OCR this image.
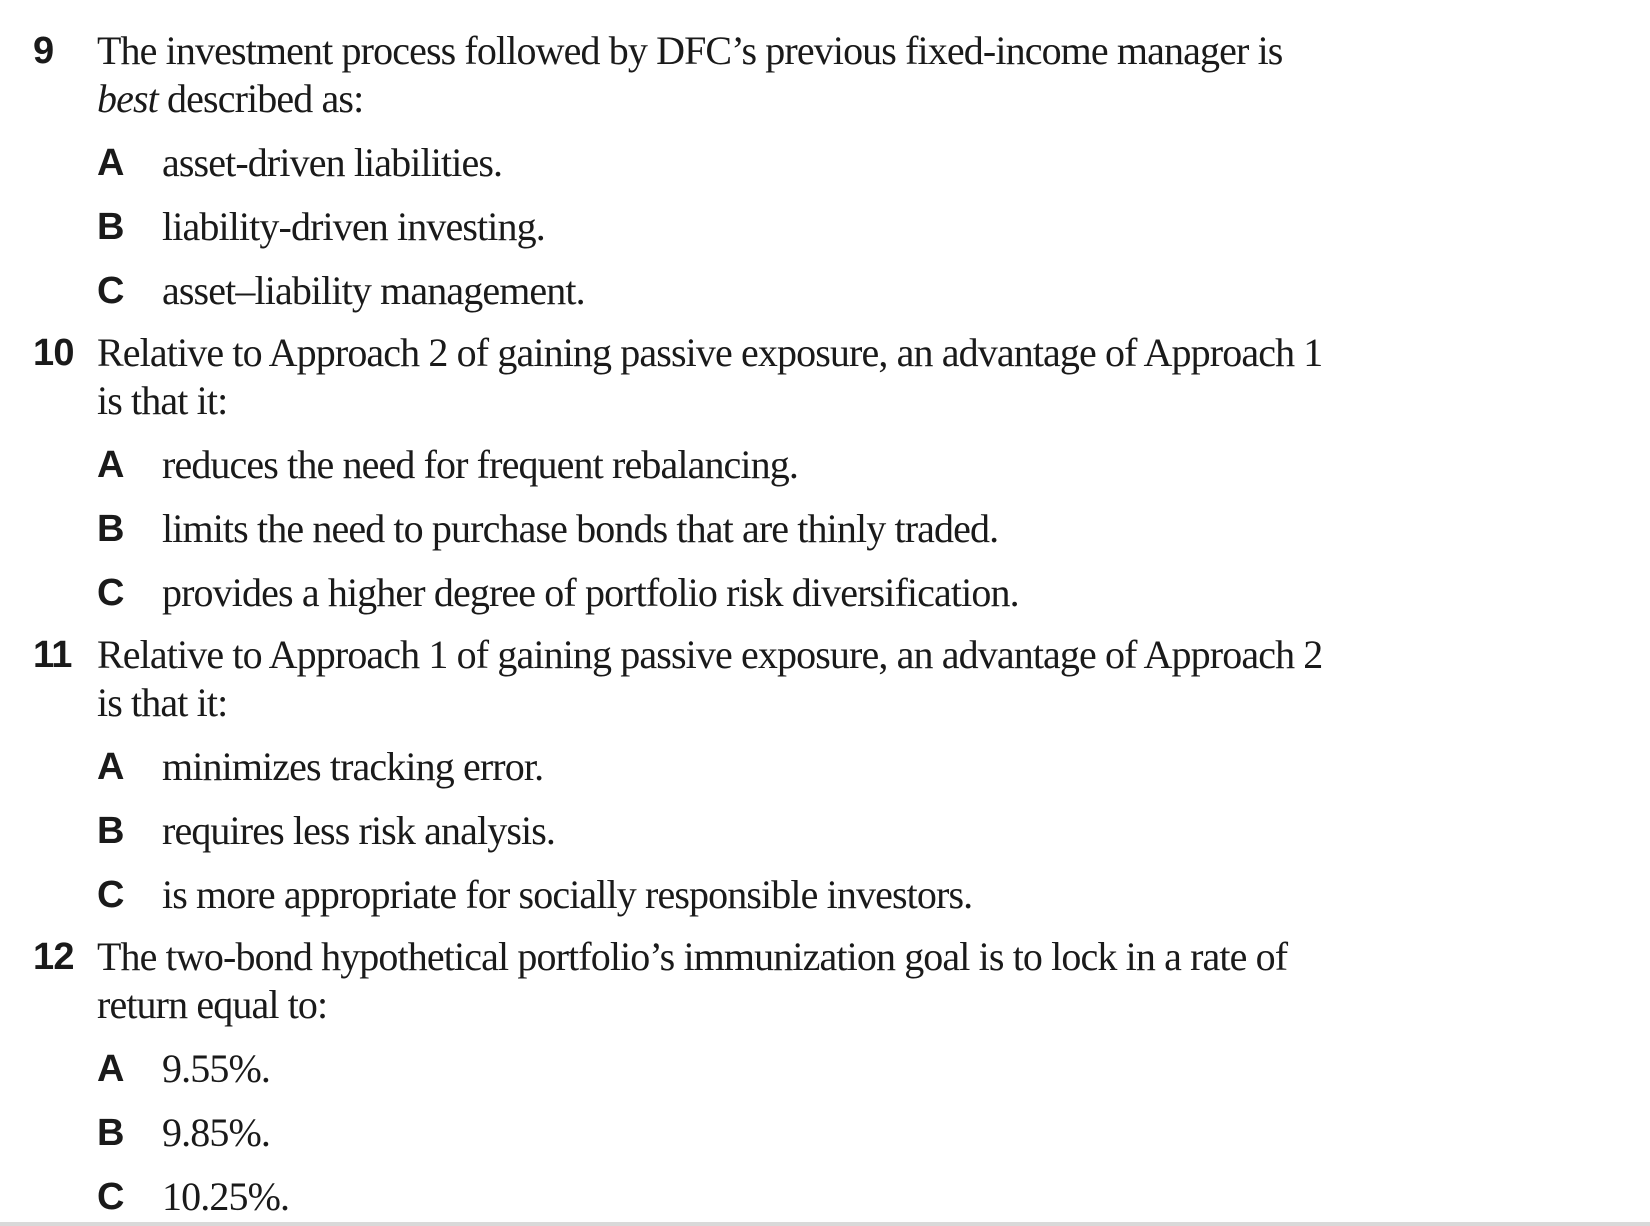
9	The investment process followed by DFC’s previous fixed-income manager is
best described as:
A asset-driven liabilities.
B liability-driven investing.
C asset–liability management.
10 Relative to Approach 2 of gaining passive exposure, an advantage of Approach 1
is that it:
A reduces the need for frequent rebalancing.
B limits the need to purchase bonds that are thinly traded.
C provides a higher degree of portfolio risk diversification.
11 Relative to Approach 1 of gaining passive exposure, an advantage of Approach 2
is that it:
A minimizes tracking error.
B requires less risk analysis.
C is more appropriate for socially responsible investors.
12 The two-bond hypothetical portfolio’s immunization goal is to lock in a rate of
return equal to:
A 9.55%.
B 9.85%.
C 10.25%.
